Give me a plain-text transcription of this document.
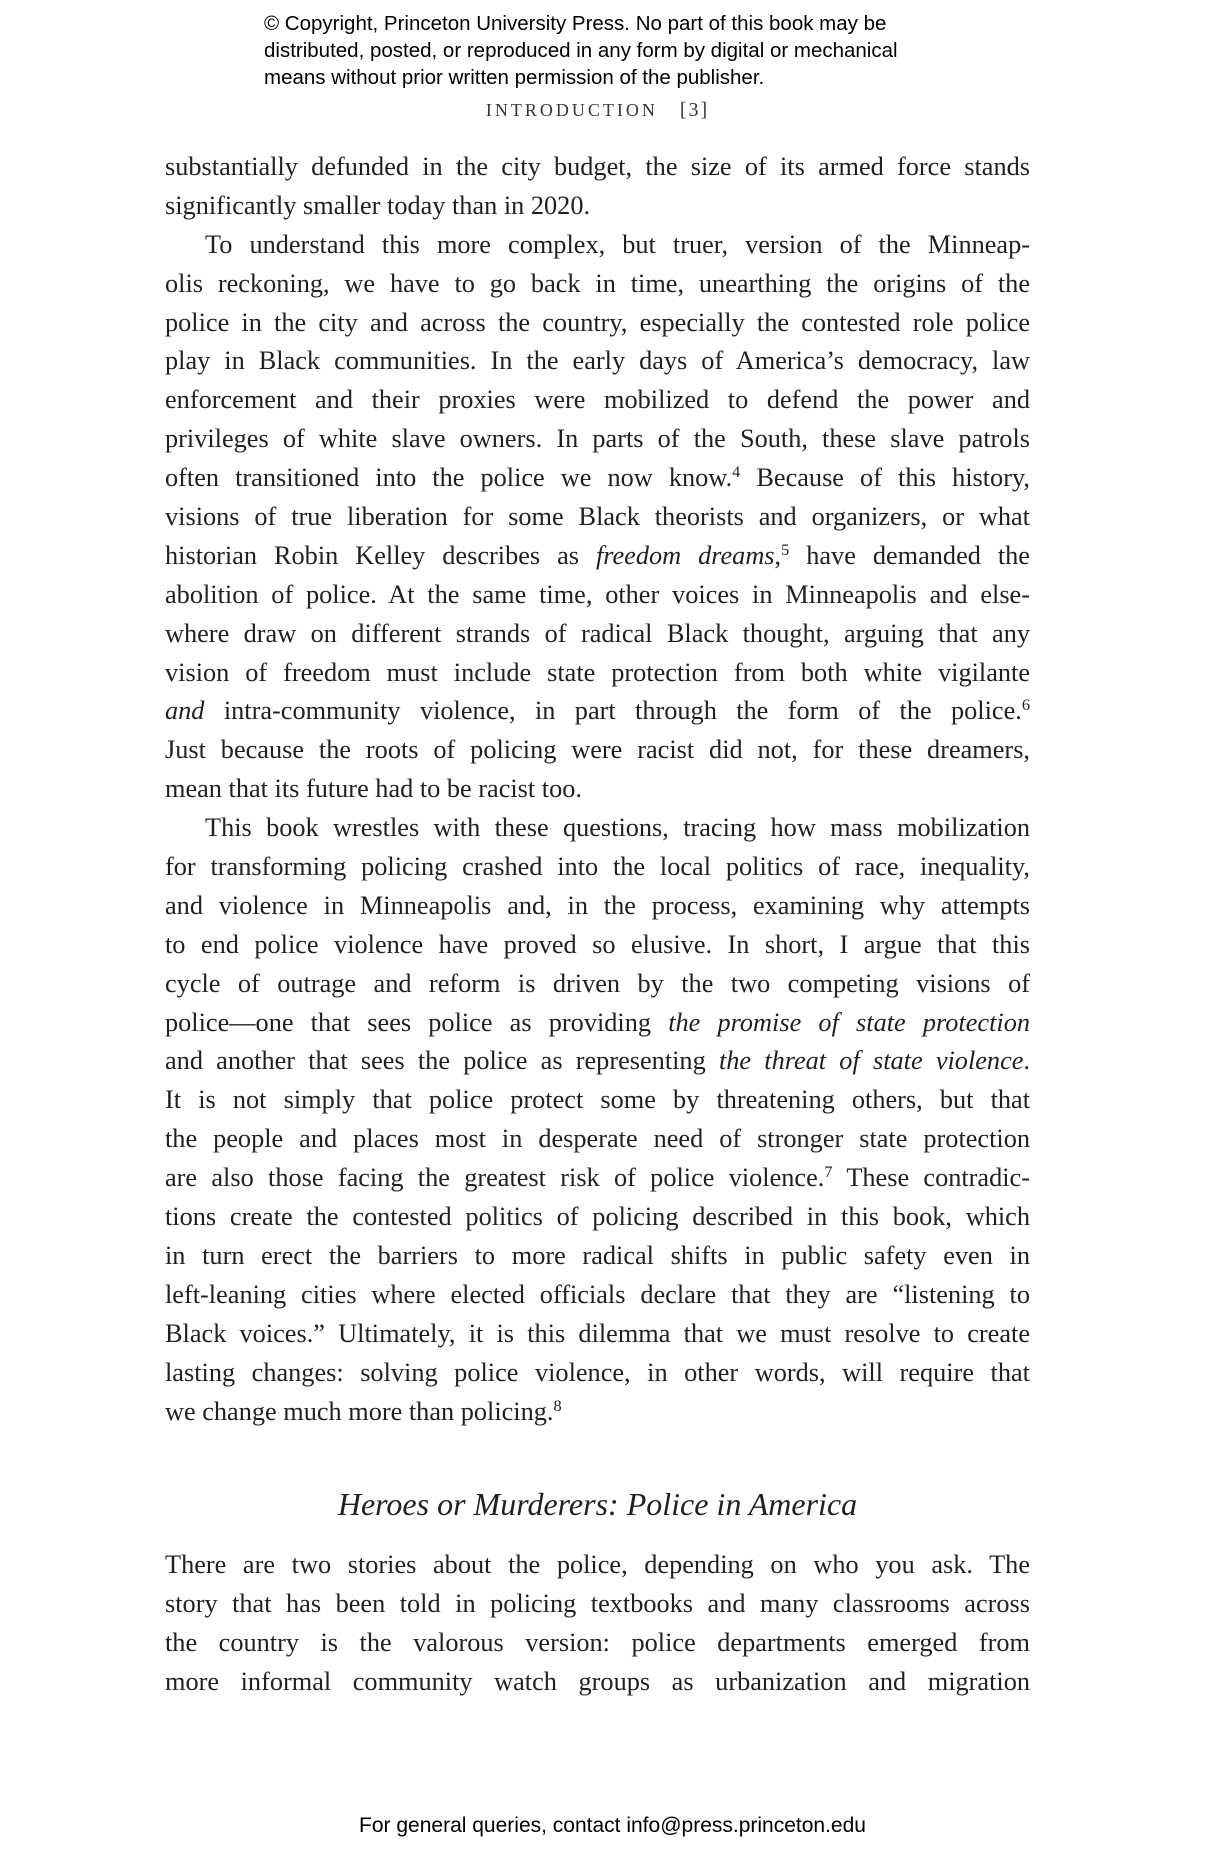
© Copyright, Princeton University Press. No part of this book may be
distributed, posted, or reproduced in any form by digital or mechanical
means without prior written permission of the publisher.
INTRODUCTION [3]
substantially defunded in the city budget, the size of its armed force stands
significantly smaller today than in 2020.
To understand this more complex, but truer, version of the Minneap-
olis reckoning, we have to go back in time, unearthing the origins of the
police in the city and across the country, especially the contested role police
play in Black communities. In the early days of America’s democracy, law
enforcement and their proxies were mobilized to defend the power and
privileges of white slave owners. In parts of the South, these slave patrols
often transitioned into the police we now know.$^4$ Because of this history,
visions of true liberation for some Black theorists and organizers, or what
historian Robin Kelley describes as freedom dreams,$^5$ have demanded the
abolition of police. At the same time, other voices in Minneapolis and else-
where draw on different strands of radical Black thought, arguing that any
vision of freedom must include state protection from both white vigilante
and intra-community violence, in part through the form of the police.$^6$
Just because the roots of policing were racist did not, for these dreamers,
mean that its future had to be racist too.
This book wrestles with these questions, tracing how mass mobilization
for transforming policing crashed into the local politics of race, inequality,
and violence in Minneapolis and, in the process, examining why attempts
to end police violence have proved so elusive. In short, I argue that this
cycle of outrage and reform is driven by the two competing visions of
police—one that sees police as providing the promise of state protection
and another that sees the police as representing the threat of state violence.
It is not simply that police protect some by threatening others, but that
the people and places most in desperate need of stronger state protection
are also those facing the greatest risk of police violence.$^7$ These contradic-
tions create the contested politics of policing described in this book, which
in turn erect the barriers to more radical shifts in public safety even in
left-leaning cities where elected officials declare that they are “listening to
Black voices.” Ultimately, it is this dilemma that we must resolve to create
lasting changes: solving police violence, in other words, will require that
we change much more than policing.$^8$
Heroes or Murderers: Police in America
There are two stories about the police, depending on who you ask. The
story that has been told in policing textbooks and many classrooms across
the country is the valorous version: police departments emerged from
more informal community watch groups as urbanization and migration
For general queries, contact info@press.princeton.edu
